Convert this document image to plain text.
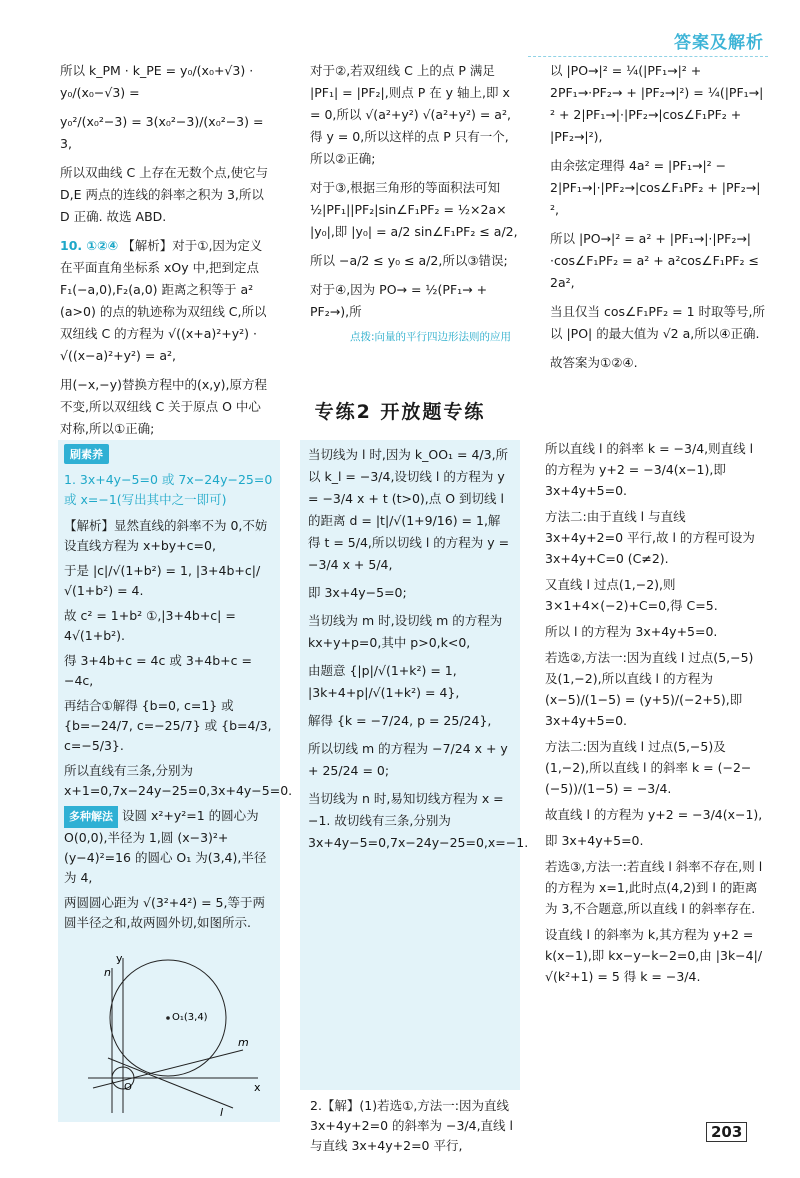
答案及解析

所以 k_PM · k_PE = y₀/(x₀+√3) · y₀/(x₀−√3) =

y₀²/(x₀²−3) = 3(x₀²−3)/(x₀²−3) = 3,

所以双曲线 C 上存在无数个点,使它与 D,E 两点的连线的斜率之积为 3,所以 D 正确. 故选 ABD.

10. ①②④ 【解析】对于①,因为定义在平面直角坐标系 xOy 中,把到定点 F₁(−a,0),F₂(a,0) 距离之积等于 a² (a>0) 的点的轨迹称为双纽线 C,所以双纽线 C 的方程为 √((x+a)²+y²) · √((x−a)²+y²) = a²,

用(−x,−y)替换方程中的(x,y),原方程不变,所以双纽线 C 关于原点 O 中心对称,所以①正确;

对于②,若双纽线 C 上的点 P 满足 |PF₁| = |PF₂|,则点 P 在 y 轴上,即 x = 0,所以 √(a²+y²) √(a²+y²) = a²,得 y = 0,所以这样的点 P 只有一个,所以②正确;

对于③,根据三角形的等面积法可知 ½|PF₁||PF₂|sin∠F₁PF₂ = ½×2a× |y₀|,即 |y₀| = a/2 sin∠F₁PF₂ ≤ a/2,

所以 −a/2 ≤ y₀ ≤ a/2,所以③错误;

对于④,因为 PO→ = ½(PF₁→ + PF₂→),所

点拨:向量的平行四边形法则的应用

以 |PO→|² = ¼(|PF₁→|² + 2PF₁→·PF₂→ + |PF₂→|²) = ¼(|PF₁→|² + 2|PF₁→|·|PF₂→|cos∠F₁PF₂ + |PF₂→|²),

由余弦定理得 4a² = |PF₁→|² − 2|PF₁→|·|PF₂→|cos∠F₁PF₂ + |PF₂→|²,

所以 |PO→|² = a² + |PF₁→|·|PF₂→|·cos∠F₁PF₂ = a² + a²cos∠F₁PF₂ ≤ 2a²,

当且仅当 cos∠F₁PF₂ = 1 时取等号,所以 |PO| 的最大值为 √2 a,所以④正确.

故答案为①②④.

专练2 开放题专练
刷素养

1. 3x+4y−5=0 或 7x−24y−25=0 或 x=−1(写出其中之一即可)

【解析】显然直线的斜率不为 0,不妨设直线方程为 x+by+c=0,

于是 |c|/√(1+b²) = 1, |3+4b+c|/√(1+b²) = 4.

故 c² = 1+b² ①,|3+4b+c| = 4√(1+b²).

得 3+4b+c = 4c 或 3+4b+c = −4c,

再结合①解得 {b=0, c=1} 或 {b=−24/7, c=−25/7} 或 {b=4/3, c=−5/3}.

所以直线有三条,分别为 x+1=0,7x−24y−25=0,3x+4y−5=0.

多种解法 设圆 x²+y²=1 的圆心为 O(0,0),半径为 1,圆 (x−3)²+(y−4)²=16 的圆心 O₁ 为(3,4),半径为 4,

两圆圆心距为 √(3²+4²) = 5,等于两圆半径之和,故两圆外切,如图所示.

y
x
n
m
l
O
O₁(3,4)

当切线为 l 时,因为 k_OO₁ = 4/3,所以 k_l = −3/4,设切线 l 的方程为 y = −3/4 x + t (t>0),点 O 到切线 l 的距离 d = |t|/√(1+9/16) = 1,解得 t = 5/4,所以切线 l 的方程为 y = −3/4 x + 5/4,

即 3x+4y−5=0;

当切线为 m 时,设切线 m 的方程为 kx+y+p=0,其中 p>0,k<0,

由题意 {|p|/√(1+k²) = 1, |3k+4+p|/√(1+k²) = 4},

解得 {k = −7/24, p = 25/24},

所以切线 m 的方程为 −7/24 x + y + 25/24 = 0;

当切线为 n 时,易知切线方程为 x = −1. 故切线有三条,分别为 3x+4y−5=0,7x−24y−25=0,x=−1.

2.【解】(1)若选①,方法一:因为直线 3x+4y+2=0 的斜率为 −3/4,直线 l 与直线 3x+4y+2=0 平行,

所以直线 l 的斜率 k = −3/4,则直线 l 的方程为 y+2 = −3/4(x−1),即 3x+4y+5=0.

方法二:由于直线 l 与直线 3x+4y+2=0 平行,故 l 的方程可设为 3x+4y+C=0 (C≠2).

又直线 l 过点(1,−2),则 3×1+4×(−2)+C=0,得 C=5.

所以 l 的方程为 3x+4y+5=0.

若选②,方法一:因为直线 l 过点(5,−5)及(1,−2),所以直线 l 的方程为 (x−5)/(1−5) = (y+5)/(−2+5),即 3x+4y+5=0.

方法二:因为直线 l 过点(5,−5)及(1,−2),所以直线 l 的斜率 k = (−2−(−5))/(1−5) = −3/4.

故直线 l 的方程为 y+2 = −3/4(x−1),

即 3x+4y+5=0.

若选③,方法一:若直线 l 斜率不存在,则 l 的方程为 x=1,此时点(4,2)到 l 的距离为 3,不合题意,所以直线 l 的斜率存在.

设直线 l 的斜率为 k,其方程为 y+2 = k(x−1),即 kx−y−k−2=0,由 |3k−4|/√(k²+1) = 5 得 k = −3/4.

203
